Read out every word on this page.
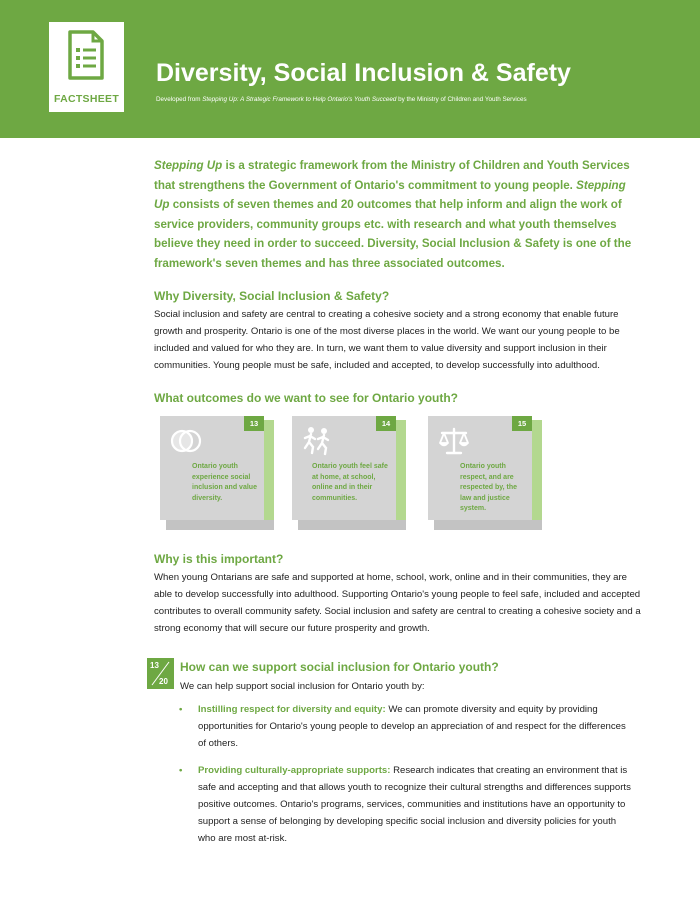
FACTSHEET
Diversity, Social Inclusion & Safety

Developed from Stepping Up: A Strategic Framework to Help Ontario's Youth Succeed by the Ministry of Children and Youth Services

Stepping Up is a strategic framework from the Ministry of Children and Youth Services that strengthens the Government of Ontario's commitment to young people. Stepping Up consists of seven themes and 20 outcomes that help inform and align the work of service providers, community groups etc. with research and what youth themselves believe they need in order to succeed. Diversity, Social Inclusion & Safety is one of the framework's seven themes and has three associated outcomes.

Why Diversity, Social Inclusion & Safety?

Social inclusion and safety are central to creating a cohesive society and a strong economy that enable future growth and prosperity. Ontario is one of the most diverse places in the world. We want our young people to be included and valued for who they are. In turn, we want them to value diversity and support inclusion in their communities. Young people must be safe, included and accepted, to develop successfully into adulthood.

What outcomes do we want to see for Ontario youth?
13

Ontario youth experience social inclusion and value diversity.

14

Ontario youth feel safe at home, at school, online and in their communities.

15

Ontario youth respect, and are respected by, the law and justice system.

Why is this important?

When young Ontarians are safe and supported at home, school, work, online and in their communities, they are able to develop successfully into adulthood. Supporting Ontario's young people to feel safe, included and accepted contributes to overall community safety. Social inclusion and safety are central to creating a cohesive society and a strong economy that will secure our future prosperity and growth.

13
20
How can we support social inclusion for Ontario youth?

We can help support social inclusion for Ontario youth by:

• Instilling respect for diversity and equity: We can promote diversity and equity by providing opportunities for Ontario's young people to develop an appreciation of and respect for the differences of others.
• Providing culturally-appropriate supports: Research indicates that creating an environment that is safe and accepting and that allows youth to recognize their cultural strengths and differences supports positive outcomes. Ontario's programs, services, communities and institutions have an opportunity to support a sense of belonging by developing specific social inclusion and diversity policies for youth who are most at-risk.
